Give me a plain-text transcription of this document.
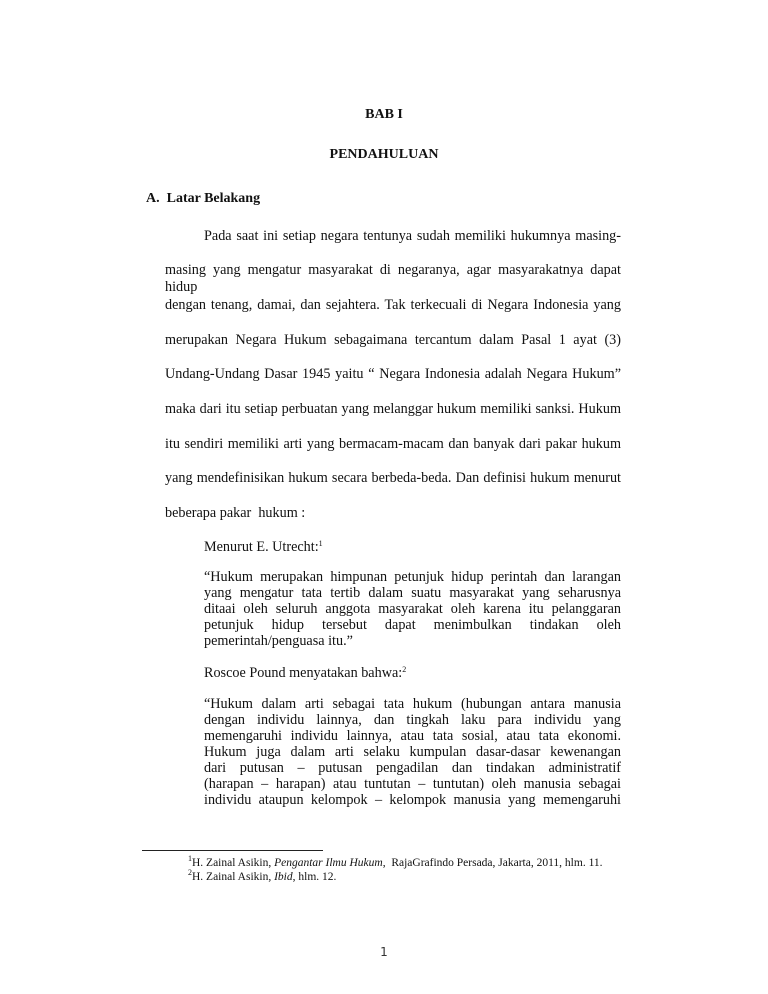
BAB I
PENDAHULUAN
A.  Latar Belakang
Pada saat ini setiap negara tentunya sudah memiliki hukumnya masing-
masing yang mengatur masyarakat di negaranya, agar masyarakatnya dapat hidup
dengan tenang, damai, dan sejahtera. Tak terkecuali di Negara Indonesia yang
merupakan Negara Hukum sebagaimana tercantum dalam Pasal 1 ayat (3)
Undang-Undang Dasar 1945 yaitu “ Negara Indonesia adalah Negara Hukum”
maka dari itu setiap perbuatan yang melanggar hukum memiliki sanksi. Hukum
itu sendiri memiliki arti yang bermacam-macam dan banyak dari pakar hukum
yang mendefinisikan hukum secara berbeda-beda. Dan definisi hukum menurut
beberapa pakar  hukum :
Menurut E. Utrecht:$^1$
“Hukum merupakan himpunan petunjuk hidup perintah dan larangan
yang mengatur tata tertib dalam suatu masyarakat yang seharusnya
ditaai oleh seluruh anggota masyarakat oleh karena itu pelanggaran
petunjuk hidup tersebut dapat menimbulkan tindakan oleh
pemerintah/penguasa itu.”
Roscoe Pound menyatakan bahwa:$^2$
“Hukum dalam arti sebagai tata hukum (hubungan antara manusia
dengan individu lainnya, dan tingkah laku para individu yang
memengaruhi individu lainnya, atau tata sosial, atau tata ekonomi.
Hukum juga dalam arti selaku kumpulan dasar-dasar kewenangan
dari putusan – putusan pengadilan dan tindakan administratif
(harapan – harapan) atau tuntutan – tuntutan) oleh manusia sebagai
individu ataupun kelompok – kelompok manusia yang memengaruhi
$^1$H. Zainal Asikin, Pengantar Ilmu Hukum,  RajaGrafindo Persada, Jakarta, 2011, hlm. 11.
$^2$H. Zainal Asikin, Ibid, hlm. 12.
1
